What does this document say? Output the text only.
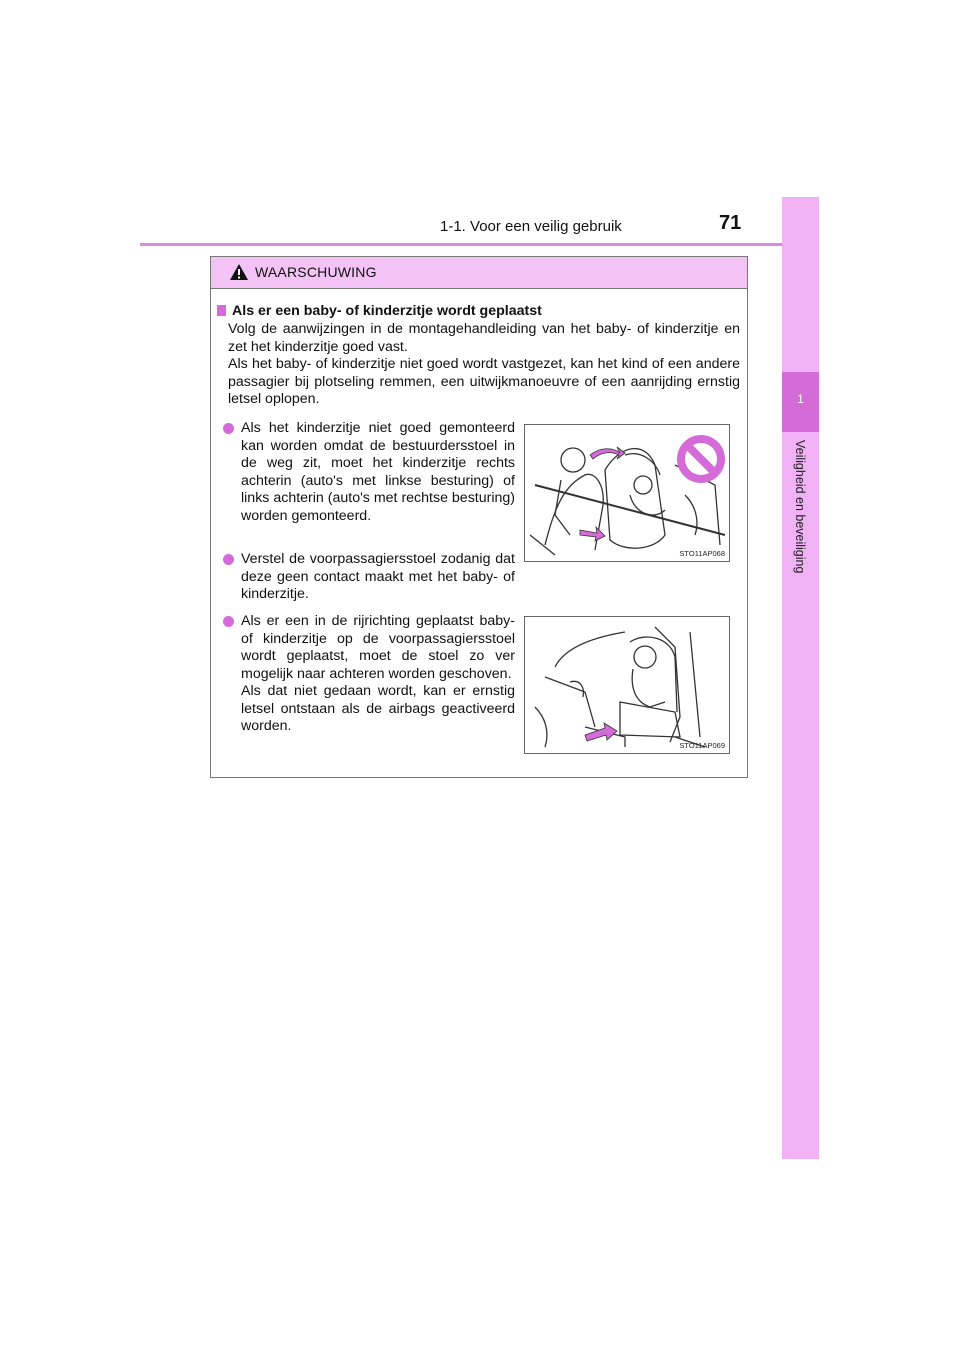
1-1. Voor een veilig gebruik	71
1
Veiligheid en beveiliging
WAARSCHUWING
Als er een baby- of kinderzitje wordt geplaatst

Volg de aanwijzingen in de montagehandleiding van het baby- of kinderzitje en zet het kinderzitje goed vast.

Als het baby- of kinderzitje niet goed wordt vastgezet, kan het kind of een andere passagier bij plotseling remmen, een uitwijkmanoeuvre of een aanrijding ernstig letsel oplopen.

Als het kinderzitje niet goed gemonteerd kan worden omdat de bestuurdersstoel in de weg zit, moet het kinderzitje rechts achterin (auto's met linkse besturing) of links achterin (auto's met rechtse besturing) worden gemonteerd.

Verstel de voorpassagiersstoel zodanig dat deze geen contact maakt met het baby- of kinderzitje.

Als er een in de rijrichting geplaatst baby- of kinderzitje op de voorpassagiersstoel wordt geplaatst, moet de stoel zo ver mogelijk naar achteren worden geschoven.

Als dat niet gedaan wordt, kan er ernstig letsel ontstaan als de airbags geactiveerd worden.

STO11AP068
STO11AP069
